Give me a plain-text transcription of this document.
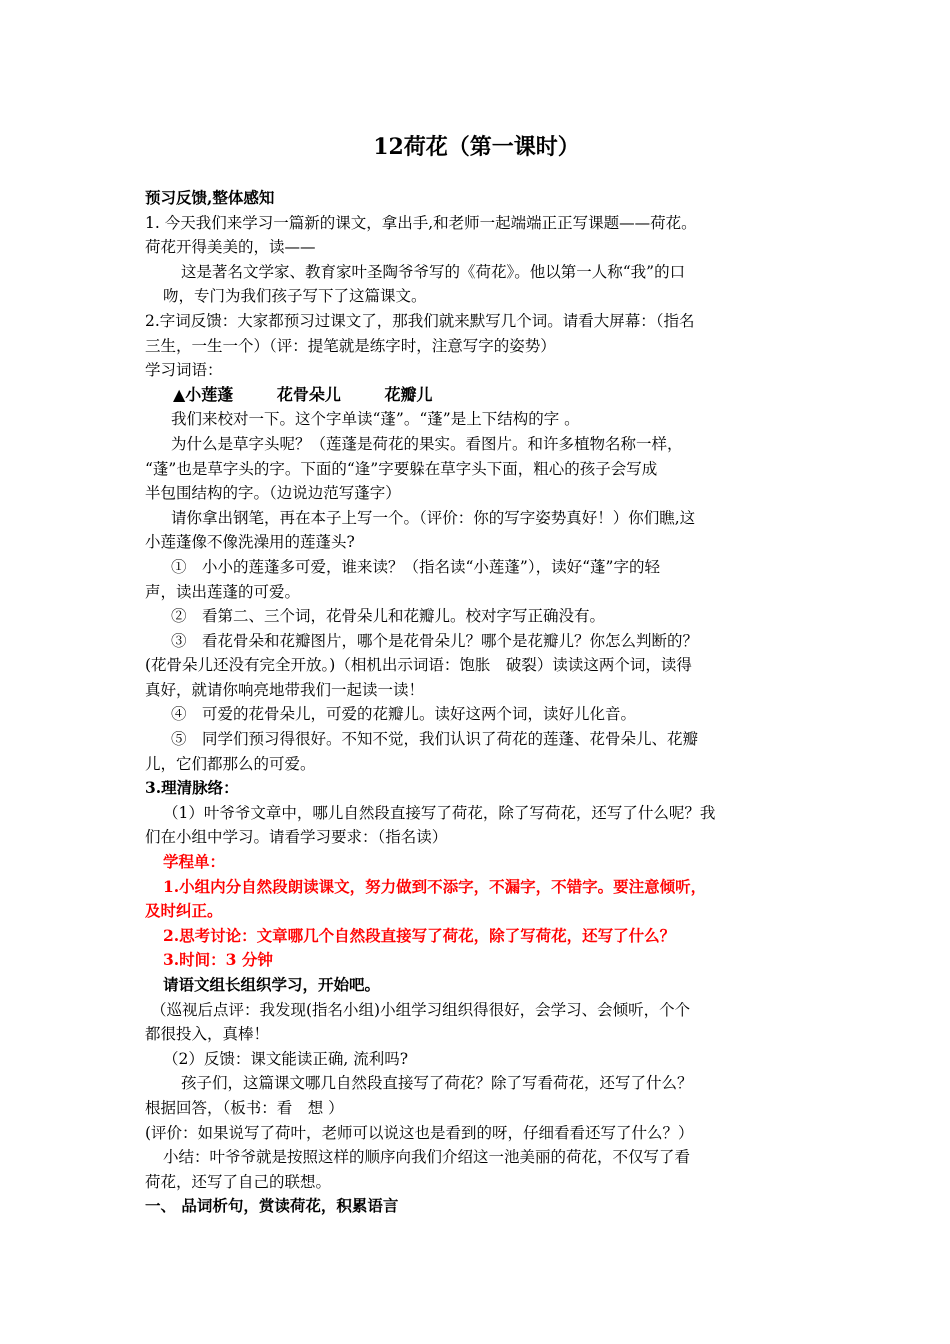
12荷花（第一课时）
预习反馈,整体感知
1. 今天我们来学习一篇新的课文，拿出手,和老师一起端端正正写课题——荷花。
荷花开得美美的，读——
这是著名文学家、教育家叶圣陶爷爷写的《荷花》。他以第一人称“我”的口
吻，专门为我们孩子写下了这篇课文。
2.字词反馈：大家都预习过课文了，那我们就来默写几个词。请看大屏幕：（指名
三生，一生一个）（评：提笔就是练字时，注意写字的姿势）
学习词语：
▲小莲蓬	花骨朵儿	花瓣儿
我们来校对一下。这个字单读“蓬”。“蓬”是上下结构的字 。
为什么是草字头呢？（莲蓬是荷花的果实。看图片。和许多植物名称一样，
“蓬”也是草字头的字。下面的“逢”字要躲在草字头下面，粗心的孩子会写成
半包围结构的字。（边说边范写蓬字）
请你拿出钢笔，再在本子上写一个。（评价：你的写字姿势真好！）你们瞧,这
小莲蓬像不像洗澡用的莲蓬头?
①　小小的莲蓬多可爱，谁来读？（指名读“小莲蓬”），读好“蓬”字的轻
声，读出莲蓬的可爱。
②　看第二、三个词，花骨朵儿和花瓣儿。校对字写正确没有。
③　看花骨朵和花瓣图片，哪个是花骨朵儿？哪个是花瓣儿？你怎么判断的？
(花骨朵儿还没有完全开放。)（相机出示词语：饱胀　破裂）读读这两个词，读得
真好，就请你响亮地带我们一起读一读！
④　可爱的花骨朵儿，可爱的花瓣儿。读好这两个词，读好儿化音。
⑤　同学们预习得很好。不知不觉，我们认识了荷花的莲蓬、花骨朵儿、花瓣
儿，它们都那么的可爱。
3.理清脉络：
（1）叶爷爷文章中，哪儿自然段直接写了荷花，除了写荷花，还写了什么呢？我
们在小组中学习。请看学习要求：（指名读）
学程单：
1.小组内分自然段朗读课文，努力做到不添字，不漏字，不错字。要注意倾听，
及时纠正。
2.思考讨论：文章哪几个自然段直接写了荷花，除了写荷花，还写了什么？
3.时间：3 分钟
请语文组长组织学习，开始吧。
（巡视后点评：我发现(指名小组)小组学习组织得很好，会学习、会倾听，个个
都很投入，真棒！
（2）反馈：课文能读正确, 流利吗?
孩子们，这篇课文哪几自然段直接写了荷花？除了写看荷花，还写了什么？
根据回答，（板书：看　想 ）
(评价：如果说写了荷叶，老师可以说这也是看到的呀，仔细看看还写了什么？）
小结：叶爷爷就是按照这样的顺序向我们介绍这一池美丽的荷花，不仅写了看
荷花，还写了自己的联想。
一、 品词析句，赏读荷花，积累语言
